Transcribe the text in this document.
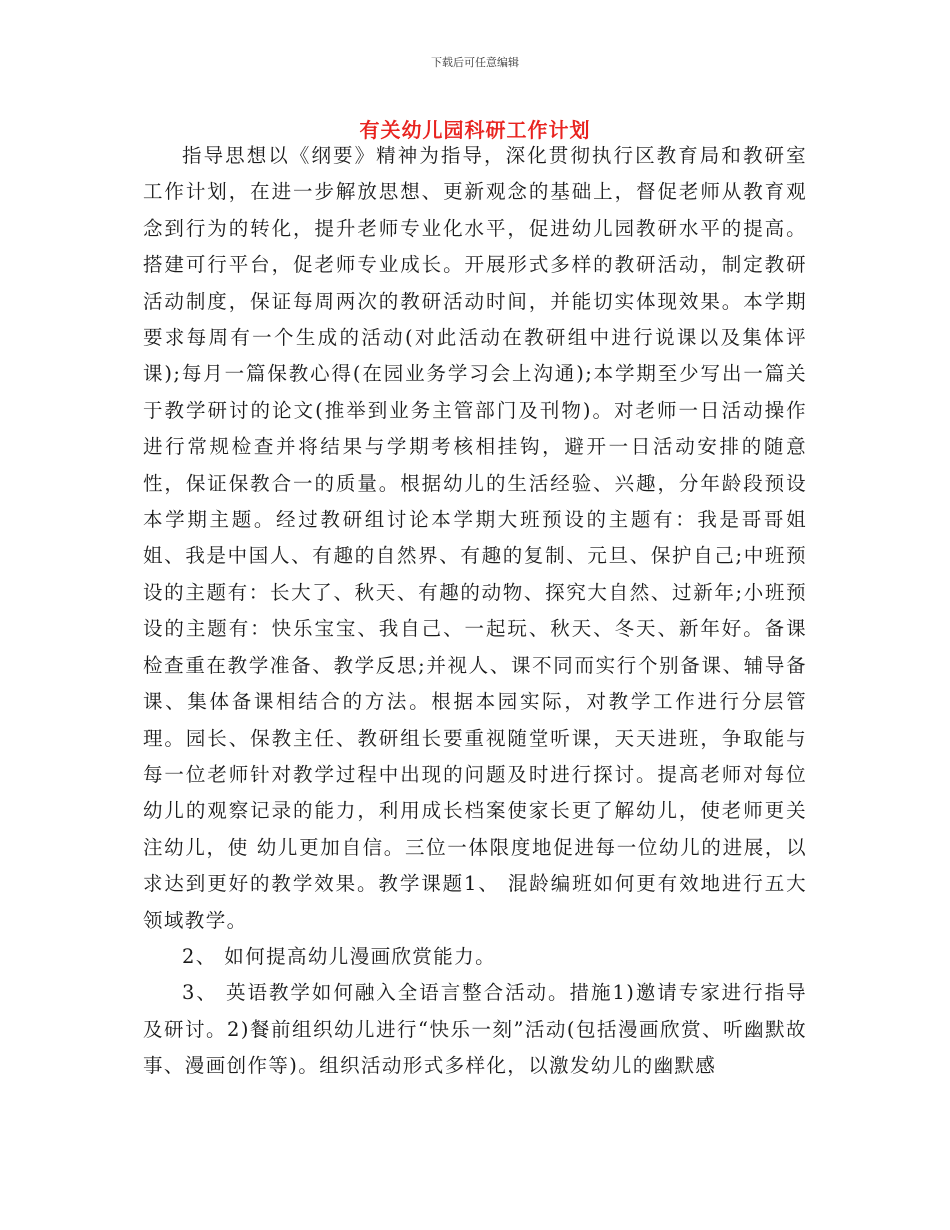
下载后可任意编辑
有关幼儿园科研工作计划

指导思想以《纲要》精神为指导，深化贯彻执行区教育局和教研室工作计划，在进一步解放思想、更新观念的基础上，督促老师从教育观念到行为的转化，提升老师专业化水平，促进幼儿园教研水平的提高。搭建可行平台，促老师专业成长。开展形式多样的教研活动，制定教研活动制度，保证每周两次的教研活动时间，并能切实体现效果。本学期要求每周有一个生成的活动(对此活动在教研组中进行说课以及集体评课);每月一篇保教心得(在园业务学习会上沟通);本学期至少写出一篇关于教学研讨的论文(推举到业务主管部门及刊物)。对老师一日活动操作进行常规检查并将结果与学期考核相挂钩，避开一日活动安排的随意性，保证保教合一的质量。根据幼儿的生活经验、兴趣，分年龄段预设本学期主题。经过教研组讨论本学期大班预设的主题有：我是哥哥姐姐、我是中国人、有趣的自然界、有趣的复制、元旦、保护自己;中班预设的主题有：长大了、秋天、有趣的动物、探究大自然、过新年;小班预设的主题有：快乐宝宝、我自己、一起玩、秋天、冬天、新年好。备课检查重在教学准备、教学反思;并视人、课不同而实行个别备课、辅导备课、集体备课相结合的方法。根据本园实际，对教学工作进行分层管理。园长、保教主任、教研组长要重视随堂听课，天天进班，争取能与每一位老师针对教学过程中出现的问题及时进行探讨。提高老师对每位幼儿的观察记录的能力，利用成长档案使家长更了解幼儿，使老师更关注幼儿，使 幼儿更加自信。三位一体限度地促进每一位幼儿的进展，以求达到更好的教学效果。教学课题1、 混龄编班如何更有效地进行五大领域教学。

2、 如何提高幼儿漫画欣赏能力。

3、 英语教学如何融入全语言整合活动。措施1)邀请专家进行指导及研讨。2)餐前组织幼儿进行“快乐一刻”活动(包括漫画欣赏、听幽默故事、漫画创作等)。组织活动形式多样化，以激发幼儿的幽默感
